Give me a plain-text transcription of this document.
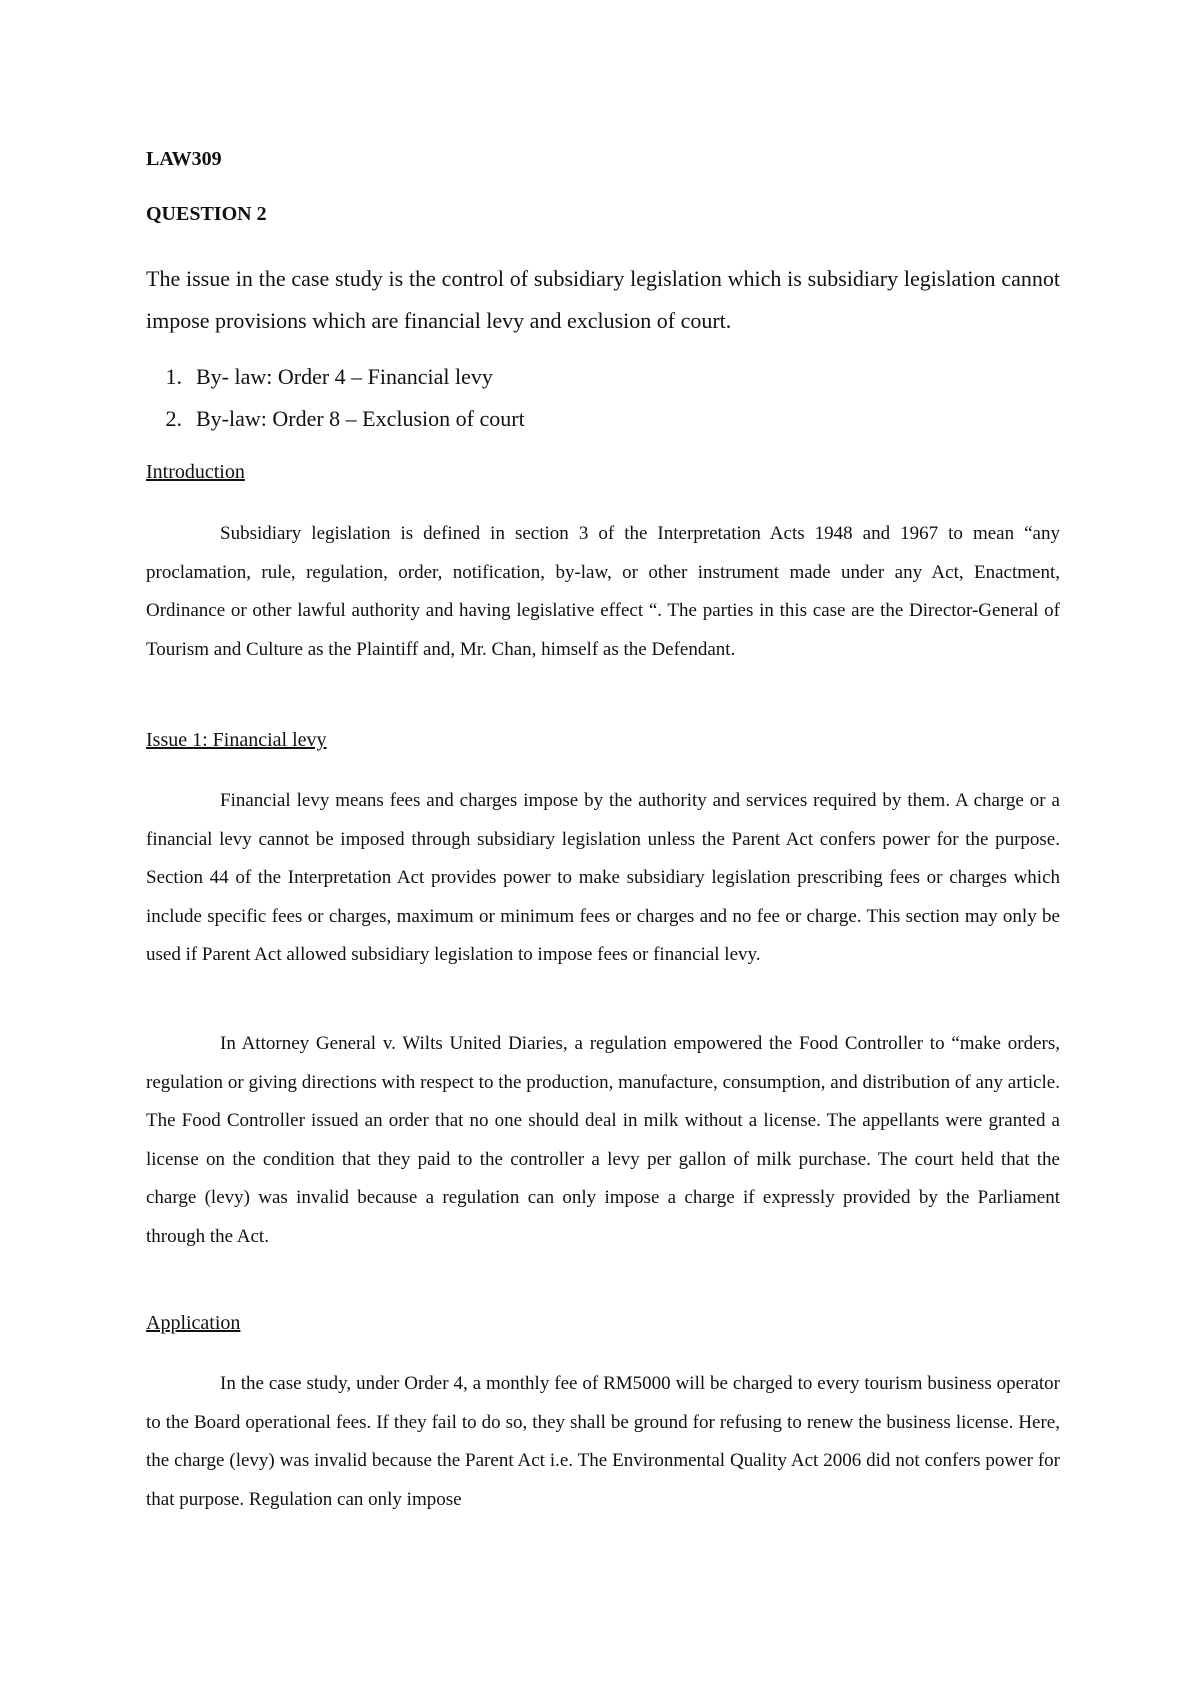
LAW309

QUESTION 2

The issue in the case study is the control of subsidiary legislation which is subsidiary legislation cannot impose provisions which are financial levy and exclusion of court.

1. By- law: Order 4 – Financial levy
2. By-law: Order 8 – Exclusion of court

Introduction

Subsidiary legislation is defined in section 3 of the Interpretation Acts 1948 and 1967 to mean “any proclamation, rule, regulation, order, notification, by-law, or other instrument made under any Act, Enactment, Ordinance or other lawful authority and having legislative effect “. The parties in this case are the Director-General of Tourism and Culture as the Plaintiff and, Mr. Chan, himself as the Defendant.

Issue 1: Financial levy

Financial levy means fees and charges impose by the authority and services required by them. A charge or a financial levy cannot be imposed through subsidiary legislation unless the Parent Act confers power for the purpose. Section 44 of the Interpretation Act provides power to make subsidiary legislation prescribing fees or charges which include specific fees or charges, maximum or minimum fees or charges and no fee or charge. This section may only be used if Parent Act allowed subsidiary legislation to impose fees or financial levy.

In Attorney General v. Wilts United Diaries, a regulation empowered the Food Controller to “make orders, regulation or giving directions with respect to the production, manufacture, consumption, and distribution of any article. The Food Controller issued an order that no one should deal in milk without a license. The appellants were granted a license on the condition that they paid to the controller a levy per gallon of milk purchase. The court held that the charge (levy) was invalid because a regulation can only impose a charge if expressly provided by the Parliament through the Act.

Application

In the case study, under Order 4, a monthly fee of RM5000 will be charged to every tourism business operator to the Board operational fees. If they fail to do so, they shall be ground for refusing to renew the business license. Here, the charge (levy) was invalid because the Parent Act i.e. The Environmental Quality Act 2006 did not confers power for that purpose. Regulation can only impose
